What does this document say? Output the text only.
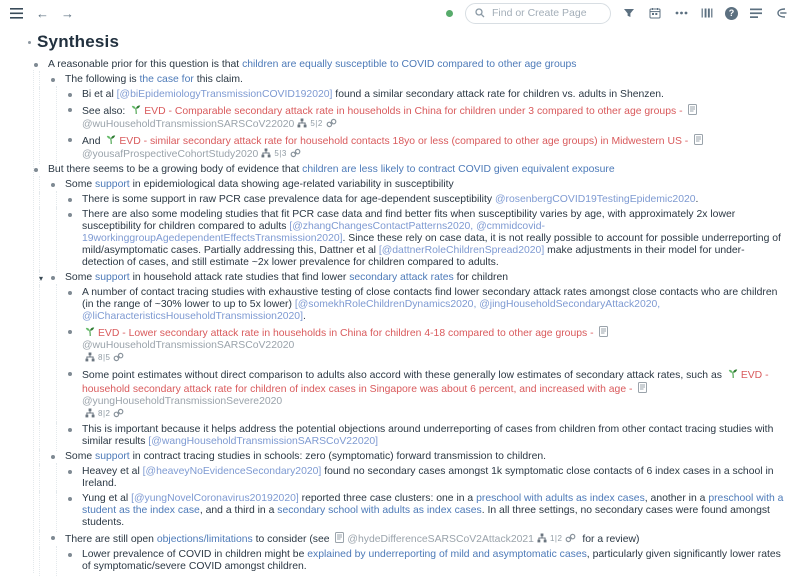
← →
Find or Create Page	?
Synthesis
A reasonable prior for this question is that children are equally susceptible to COVID compared to other age groups
The following is the case for this claim.
Bi et al [@biEpidemiologyTransmissionCOVID192020] found a similar secondary attack rate for children vs. adults in Shenzen.
See also:
EVD - Comparable secondary attack rate in households in China for children under 3 compared to other age groups -
@wuHouseholdTransmissionSARSCoV22020 5|2
And
EVD - similar secondary attack rate for household contacts 18yo or less (compared to other age groups) in Midwestern US -
@yousafProspectiveCohortStudy2020 5|3
But there seems to be a growing body of evidence that children are less likely to contract COVID given equivalent exposure
Some support in epidemiological data showing age-related variability in susceptibility
There is some support in raw PCR case prevalence data for age-dependent susceptibility @rosenbergCOVID19TestingEpidemic2020.
There are also some modeling studies that fit PCR case data and find better fits when susceptibility varies by age, with approximately 2x lower susceptibility for children compared to adults [@zhangChangesContactPatterns2020, @cmmidcovid-19workinggroupAgedependentEffectsTransmission2020]. Since these rely on case data, it is not really possible to account for possible underreporting of mild/asymptomatic cases. Partially addressing this, Dattner et al [@dattnerRoleChildrenSpread2020] make adjustments in their model for under-detection of cases, and still estimate ~2x lower prevalence for children compared to adults.
▾ Some support in household attack rate studies that find lower secondary attack rates for children
A number of contact tracing studies with exhaustive testing of close contacts find lower secondary attack rates amongst close contacts who are children (in the range of ~30% lower to up to 5x lower) [@somekhRoleChildrenDynamics2020, @jingHouseholdSecondaryAttack2020, @liCharacteristicsHouseholdTransmission2020].
EVD - Lower secondary attack rate in households in China for children 4-18 compared to other age groups -
@wuHouseholdTransmissionSARSCoV22020

8|5
Some point estimates without direct comparison to adults also accord with these generally low estimates of secondary attack rates, such as
EVD - household secondary attack rate for children of index cases in Singapore was about 6 percent, and increased with age -
@yungHouseholdTransmissionSevere2020

8|2
This is important because it helps address the potential objections around underreporting of cases from children from other contact tracing studies with similar results [@wangHouseholdTransmissionSARSCoV22020]
Some support in contract tracing studies in schools: zero (symptomatic) forward transmission to children.
Heavey et al [@heaveyNoEvidenceSecondary2020] found no secondary cases amongst 1k symptomatic close contacts of 6 index cases in a school in Ireland.
Yung et al [@yungNovelCoronavirus20192020] reported three case clusters: one in a preschool with adults as index cases, another in a preschool with a student as the index case, and a third in a secondary school with adults as index cases. In all three settings, no secondary cases were found amongst students.
There are still open objections/limitations to consider (see
@hydeDifferenceSARSCoV2Attack2021 1|2
for a review)
Lower prevalence of COVID in children might be explained by underreporting of mild and asymptomatic cases, particularly given significantly lower rates of symptomatic/severe COVID amongst children.
